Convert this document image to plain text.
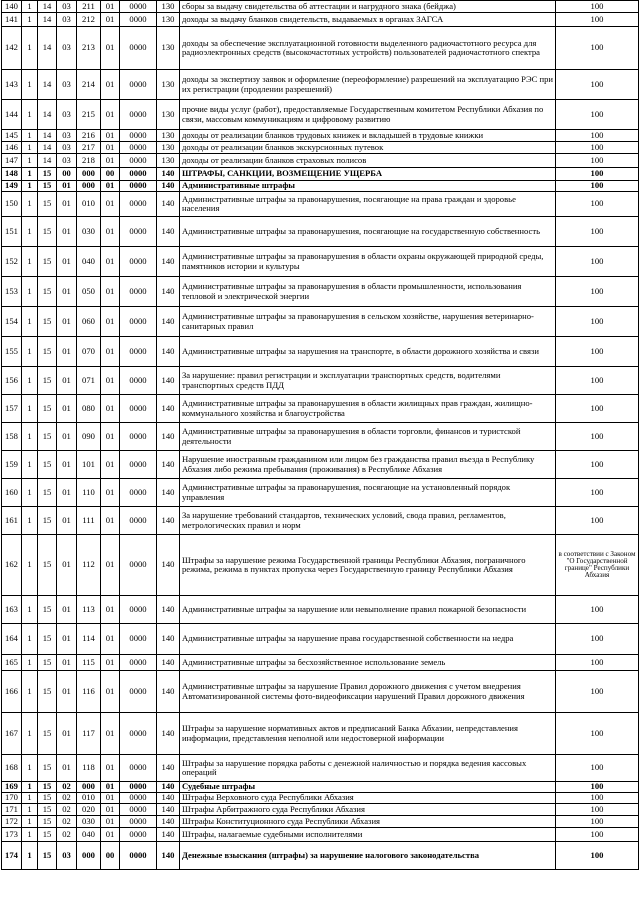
140	1	14	03	211	01	0000	130	сборы за выдачу свидетельства об аттестации и нагрудного знака (бейджа)	100
141	1	14	03	212	01	0000	130	доходы за выдачу бланков свидетельств, выдаваемых в органах ЗАГСА	100
142	1	14	03	213	01	0000	130	доходы за обеспечение эксплуатационной готовности выделенного радиочастотного ресурса для радиоэлектронных средств (высокочастотных устройств) пользователей радиочастотного спектра	100
143	1	14	03	214	01	0000	130	доходы за экспертизу заявок и оформление (переоформление) разрешений на эксплуатацию РЭС при их регистрации (продлении разрешений)	100
144	1	14	03	215	01	0000	130	прочие виды услуг (работ), предоставляемые Государственным комитетом Республики Абхазия по связи, массовым коммуникациям и цифровому развитию	100
145	1	14	03	216	01	0000	130	доходы от реализации бланков трудовых книжек и вкладышей в трудовые книжки	100
146	1	14	03	217	01	0000	130	доходы от реализации бланков экскурсионных путевок	100
147	1	14	03	218	01	0000	130	доходы от реализации бланков страховых полисов	100
148	1	15	00	000	00	0000	140	ШТРАФЫ, САНКЦИИ, ВОЗМЕЩЕНИЕ УЩЕРБА	100
149	1	15	01	000	01	0000	140	Административные штрафы	100
150	1	15	01	010	01	0000	140	Административные штрафы за правонарушения, посягающие на права граждан и здоровье населения	100
151	1	15	01	030	01	0000	140	Административные штрафы за правонарушения, посягающие на государственную собственность	100
152	1	15	01	040	01	0000	140	Административные штрафы за правонарушения в области охраны окружающей природной среды, памятников истории и культуры	100
153	1	15	01	050	01	0000	140	Административные штрафы за правонарушения в области промышленности, использования тепловой и электрической энергии	100
154	1	15	01	060	01	0000	140	Административные штрафы за правонарушения в сельском хозяйстве, нарушения ветеринарно-санитарных правил	100
155	1	15	01	070	01	0000	140	Административные штрафы за нарушения на транспорте, в области дорожного хозяйства и связи	100
156	1	15	01	071	01	0000	140	За нарушение: правил регистрации и эксплуатации транспортных средств, водителями транспортных средств ПДД	100
157	1	15	01	080	01	0000	140	Административные штрафы за правонарушения в области жилищных прав граждан, жилищно-коммунального хозяйства и благоустройства	100
158	1	15	01	090	01	0000	140	Административные штрафы за правонарушения в области торговли, финансов и туристской деятельности	100
159	1	15	01	101	01	0000	140	Нарушение иностранным гражданином или лицом без гражданства правил въезда в Республику Абхазия либо режима пребывания (проживания) в Республике Абхазия	100
160	1	15	01	110	01	0000	140	Административные штрафы за правонарушения, посягающие на установленный порядок управления	100
161	1	15	01	111	01	0000	140	За нарушение требований стандартов, технических условий, свода правил, регламентов, метрологических правил и норм	100
162	1	15	01	112	01	0000	140	Штрафы за нарушение режима Государственной границы Республики Абхазия, пограничного режима, режима в пунктах пропуска через Государственную границу Республики Абхазия	в соответствии с Законом "О Государственной границе" Республики Абхазия
163	1	15	01	113	01	0000	140	Административные штрафы за нарушение или невыполнение правил пожарной безопасности	100
164	1	15	01	114	01	0000	140	Административные штрафы за нарушение права государственной собственности на недра	100
165	1	15	01	115	01	0000	140	Административные штрафы за бесхозяйственное использование земель	100
166	1	15	01	116	01	0000	140	Административные штрафы за нарушение Правил дорожного движения с учетом внедрения Автоматизированной системы фото-видеофиксации нарушений Правил дорожного движения	100
167	1	15	01	117	01	0000	140	Штрафы за нарушение нормативных актов и предписаний Банка Абхазии, непредставления информации, представления неполной или недостоверной информации	100
168	1	15	01	118	01	0000	140	Штрафы за нарушение порядка работы с денежной наличностью и порядка ведения кассовых операций	100
169	1	15	02	000	01	0000	140	Судебные штрафы	100
170	1	15	02	010	01	0000	140	Штрафы Верховного суда Республики Абхазия	100
171	1	15	02	020	01	0000	140	Штрафы Арбитражного суда Республики Абхазия	100
172	1	15	02	030	01	0000	140	Штрафы Конституционного суда Республики Абхазия	100
173	1	15	02	040	01	0000	140	Штрафы, налагаемые судебными исполнителями	100
174	1	15	03	000	00	0000	140	Денежные взыскания (штрафы) за нарушение налогового законодательства	100
